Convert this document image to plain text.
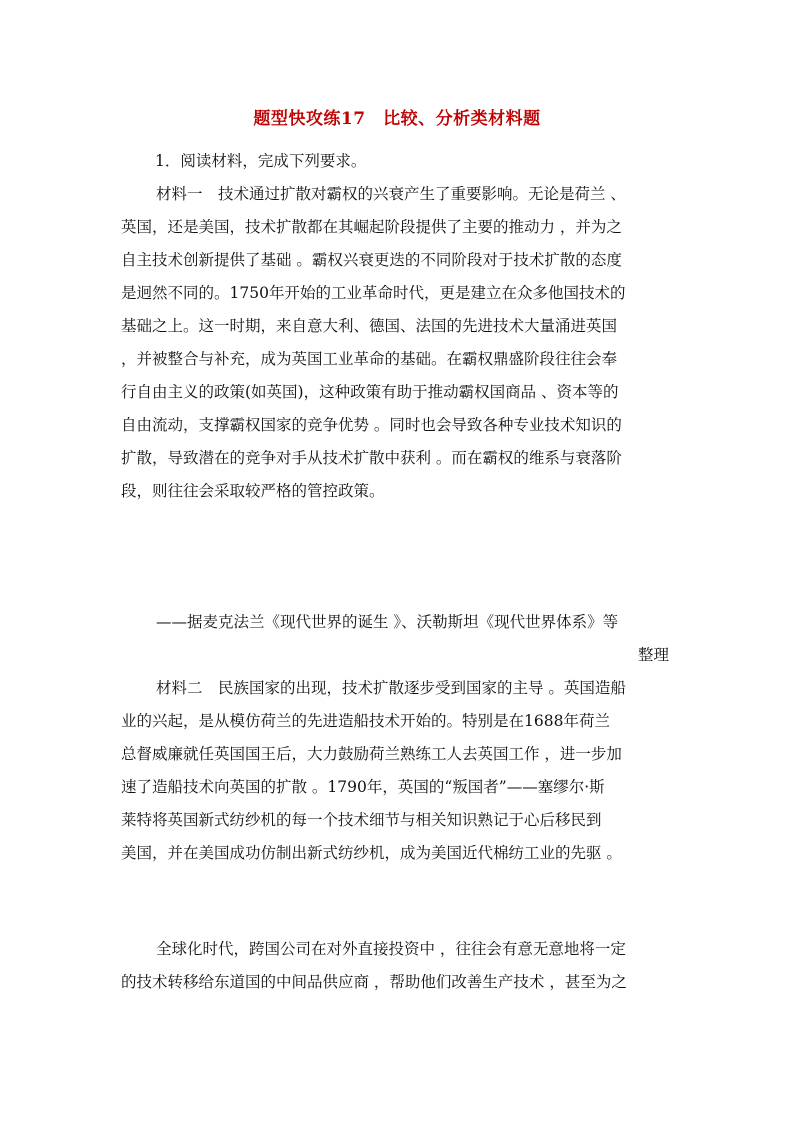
题型快攻练17　比较、分析类材料题
1．阅读材料，完成下列要求。
材料一　技术通过扩散对霸权的兴衰产生了重要影响。无论是荷兰 、
英国，还是美国，技术扩散都在其崛起阶段提供了主要的推动力 ，并为之
自主技术创新提供了基础 。霸权兴衰更迭的不同阶段对于技术扩散的态度
是迥然不同的。1750年开始的工业革命时代，更是建立在众多他国技术的
基础之上。这一时期，来自意大利、德国、法国的先进技术大量涌进英国
，并被整合与补充，成为英国工业革命的基础。在霸权鼎盛阶段往往会奉
行自由主义的政策(如英国)，这种政策有助于推动霸权国商品 、资本等的
自由流动，支撑霸权国家的竞争优势 。同时也会导致各种专业技术知识的
扩散，导致潜在的竞争对手从技术扩散中获利 。而在霸权的维系与衰落阶
段，则往往会采取较严格的管控政策。
——据麦克法兰《现代世界的诞生 》、沃勒斯坦《现代世界体系》等
整理
材料二　民族国家的出现，技术扩散逐步受到国家的主导 。英国造船
业的兴起，是从模仿荷兰的先进造船技术开始的。特别是在1688年荷兰
总督威廉就任英国国王后，大力鼓励荷兰熟练工人去英国工作 ，进一步加
速了造船技术向英国的扩散 。1790年，英国的“叛国者”——塞缪尔·斯
莱特将英国新式纺纱机的每一个技术细节与相关知识熟记于心后移民到
美国，并在美国成功仿制出新式纺纱机，成为美国近代棉纺工业的先驱 。
全球化时代，跨国公司在对外直接投资中 ，往往会有意无意地将一定
的技术转移给东道国的中间品供应商 ，帮助他们改善生产技术 ，甚至为之
